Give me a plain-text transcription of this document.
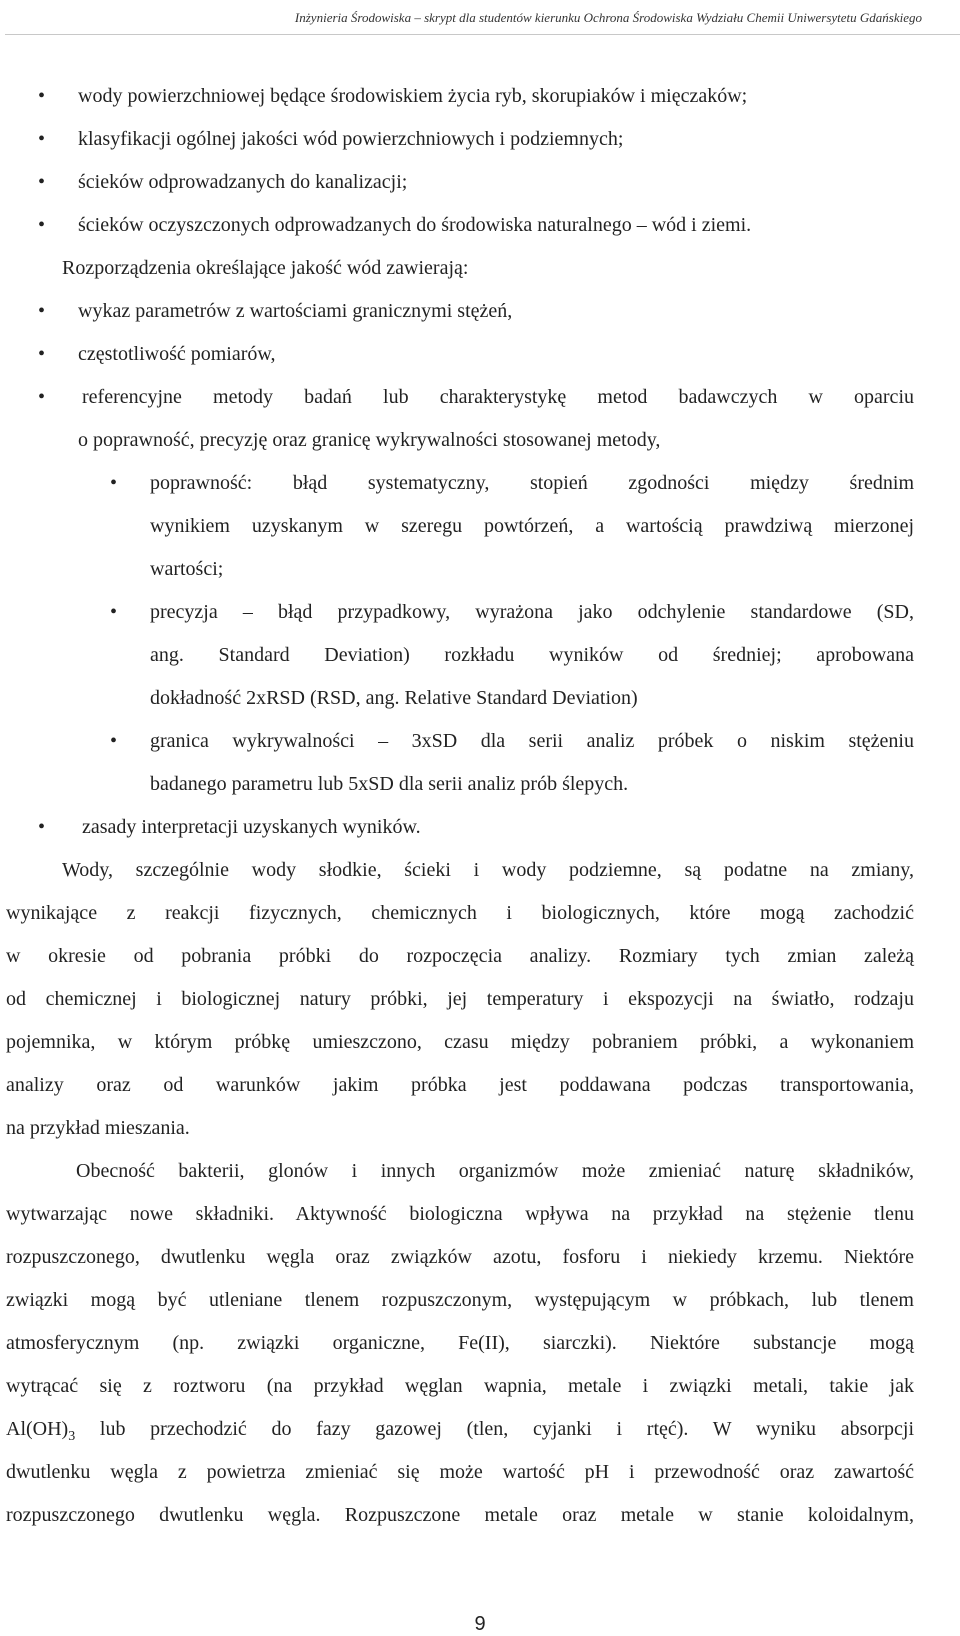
Inżynieria Środowiska – skrypt dla studentów kierunku Ochrona Środowiska Wydziału Chemii Uniwersytetu Gdańskiego
• wody powierzchniowej będące środowiskiem życia ryb, skorupiaków i mięczaków;
• klasyfikacji ogólnej jakości wód powierzchniowych i podziemnych;
• ścieków odprowadzanych do kanalizacji;
• ścieków oczyszczonych odprowadzanych do środowiska naturalnego – wód i ziemi.
Rozporządzenia określające jakość wód zawierają:
• wykaz parametrów z wartościami granicznymi stężeń,
• częstotliwość pomiarów,
• referencyjne metody badań lub charakterystykę metod badawczych w oparciu
o poprawność, precyzję oraz granicę wykrywalności stosowanej metody,
• poprawność: błąd systematyczny, stopień zgodności między średnim
wynikiem uzyskanym w szeregu powtórzeń, a wartością prawdziwą mierzonej
wartości;
• precyzja – błąd przypadkowy, wyrażona jako odchylenie standardowe (SD,
ang. Standard Deviation) rozkładu wyników od średniej; aprobowana
dokładność 2xRSD (RSD, ang. Relative Standard Deviation)
• granica wykrywalności – 3xSD dla serii analiz próbek o niskim stężeniu
badanego parametru lub 5xSD dla serii analiz prób ślepych.
• zasady interpretacji uzyskanych wyników.
Wody, szczególnie wody słodkie, ścieki i wody podziemne, są podatne na zmiany,
wynikające z reakcji fizycznych, chemicznych i biologicznych, które mogą zachodzić
w okresie od pobrania próbki do rozpoczęcia analizy. Rozmiary tych zmian zależą
od chemicznej i biologicznej natury próbki, jej temperatury i ekspozycji na światło, rodzaju
pojemnika, w którym próbkę umieszczono, czasu między pobraniem próbki, a wykonaniem
analizy oraz od warunków jakim próbka jest poddawana podczas transportowania,
na przykład mieszania.
Obecność bakterii, glonów i innych organizmów może zmieniać naturę składników,
wytwarzając nowe składniki. Aktywność biologiczna wpływa na przykład na stężenie tlenu
rozpuszczonego, dwutlenku węgla oraz związków azotu, fosforu i niekiedy krzemu. Niektóre
związki mogą być utleniane tlenem rozpuszczonym, występującym w próbkach, lub tlenem
atmosferycznym (np. związki organiczne, Fe(II), siarczki). Niektóre substancje mogą
wytrącać się z roztworu (na przykład węglan wapnia, metale i związki metali, takie jak
$Al(OH)_3$ lub przechodzić do fazy gazowej (tlen, cyjanki i rtęć). W wyniku absorpcji
dwutlenku węgla z powietrza zmieniać się może wartość pH i przewodność oraz zawartość
rozpuszczonego dwutlenku węgla. Rozpuszczone metale oraz metale w stanie koloidalnym,
9
